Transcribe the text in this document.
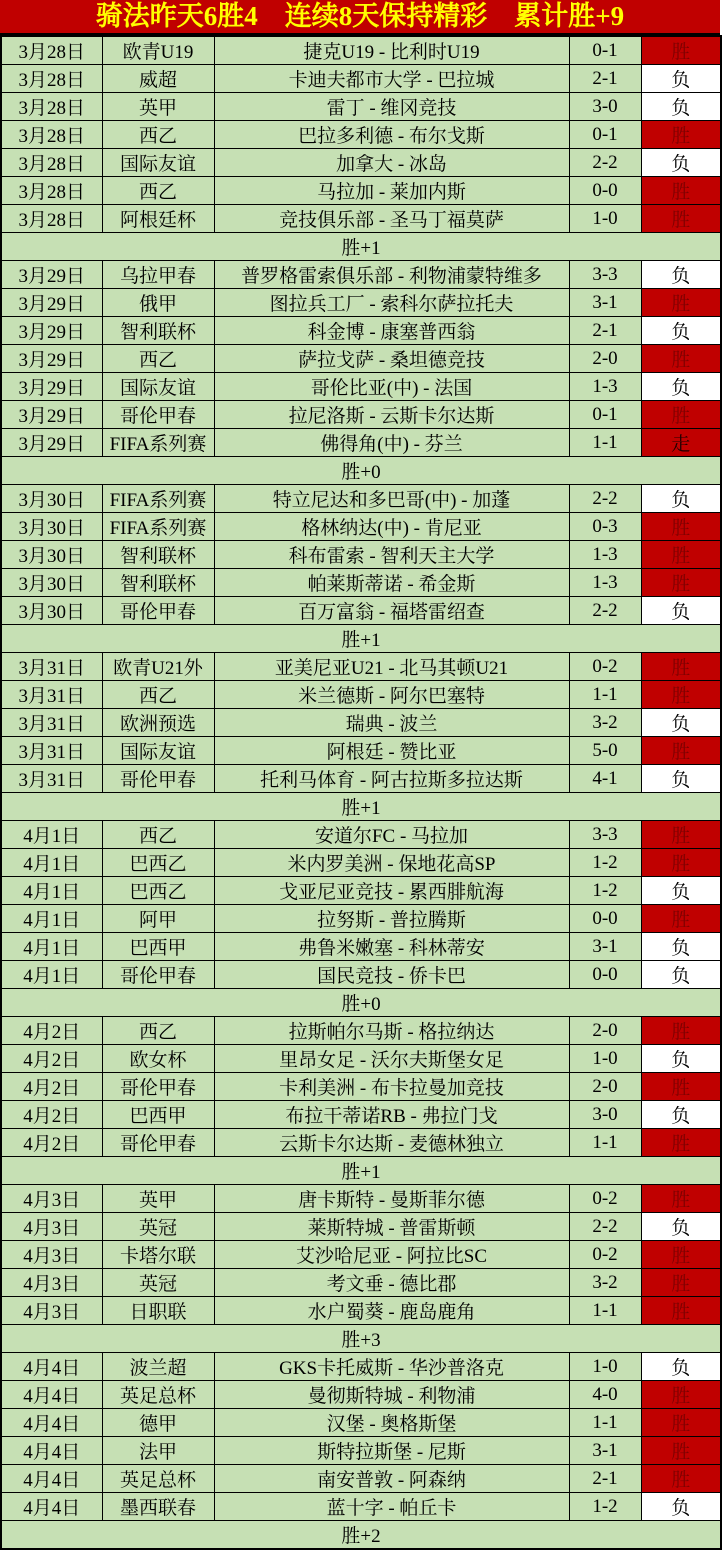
骑法昨天6胜4　连续8天保持精彩　累计胜+9
3月28日	欧青U19	捷克U19 - 比利时U19	0-1	胜
3月28日	威超	卡迪夫都市大学 - 巴拉城	2-1	负
3月28日	英甲	雷丁 - 维冈竞技	3-0	负
3月28日	西乙	巴拉多利德 - 布尔戈斯	0-1	胜
3月28日	国际友谊	加拿大 - 冰岛	2-2	负
3月28日	西乙	马拉加 - 莱加内斯	0-0	胜
3月28日	阿根廷杯	竞技俱乐部 - 圣马丁福莫萨	1-0	胜
胜+1				
3月29日	乌拉甲春	普罗格雷索俱乐部 - 利物浦蒙特维多	3-3	负
3月29日	俄甲	图拉兵工厂 - 索科尔萨拉托夫	3-1	胜
3月29日	智利联杯	科金博 - 康塞普西翁	2-1	负
3月29日	西乙	萨拉戈萨 - 桑坦德竞技	2-0	胜
3月29日	国际友谊	哥伦比亚(中) - 法国	1-3	负
3月29日	哥伦甲春	拉尼洛斯 - 云斯卡尔达斯	0-1	胜
3月29日	FIFA系列赛	佛得角(中) - 芬兰	1-1	走
胜+0				
3月30日	FIFA系列赛	特立尼达和多巴哥(中) - 加蓬	2-2	负
3月30日	FIFA系列赛	格林纳达(中) - 肯尼亚	0-3	胜
3月30日	智利联杯	科布雷索 - 智利天主大学	1-3	胜
3月30日	智利联杯	帕莱斯蒂诺 - 希金斯	1-3	胜
3月30日	哥伦甲春	百万富翁 - 福塔雷绍查	2-2	负
胜+1				
3月31日	欧青U21外	亚美尼亚U21 - 北马其顿U21	0-2	胜
3月31日	西乙	米兰德斯 - 阿尔巴塞特	1-1	胜
3月31日	欧洲预选	瑞典 - 波兰	3-2	负
3月31日	国际友谊	阿根廷 - 赞比亚	5-0	胜
3月31日	哥伦甲春	托利马体育 - 阿古拉斯多拉达斯	4-1	负
胜+1				
4月1日	西乙	安道尔FC - 马拉加	3-3	胜
4月1日	巴西乙	米内罗美洲 - 保地花高SP	1-2	胜
4月1日	巴西乙	戈亚尼亚竞技 - 累西腓航海	1-2	负
4月1日	阿甲	拉努斯 - 普拉腾斯	0-0	胜
4月1日	巴西甲	弗鲁米嫩塞 - 科林蒂安	3-1	负
4月1日	哥伦甲春	国民竞技 - 侨卡巴	0-0	负
胜+0				
4月2日	西乙	拉斯帕尔马斯 - 格拉纳达	2-0	胜
4月2日	欧女杯	里昂女足 - 沃尔夫斯堡女足	1-0	负
4月2日	哥伦甲春	卡利美洲 - 布卡拉曼加竞技	2-0	胜
4月2日	巴西甲	布拉干蒂诺RB - 弗拉门戈	3-0	负
4月2日	哥伦甲春	云斯卡尔达斯 - 麦德林独立	1-1	胜
胜+1				
4月3日	英甲	唐卡斯特 - 曼斯菲尔德	0-2	胜
4月3日	英冠	莱斯特城 - 普雷斯顿	2-2	负
4月3日	卡塔尔联	艾沙哈尼亚 - 阿拉比SC	0-2	胜
4月3日	英冠	考文垂 - 德比郡	3-2	胜
4月3日	日职联	水户蜀葵 - 鹿岛鹿角	1-1	胜
胜+3				
4月4日	波兰超	GKS卡托威斯 - 华沙普洛克	1-0	负
4月4日	英足总杯	曼彻斯特城 - 利物浦	4-0	胜
4月4日	德甲	汉堡 - 奥格斯堡	1-1	胜
4月4日	法甲	斯特拉斯堡 - 尼斯	3-1	胜
4月4日	英足总杯	南安普敦 - 阿森纳	2-1	胜
4月4日	墨西联春	蓝十字 - 帕丘卡	1-2	负
胜+2				
